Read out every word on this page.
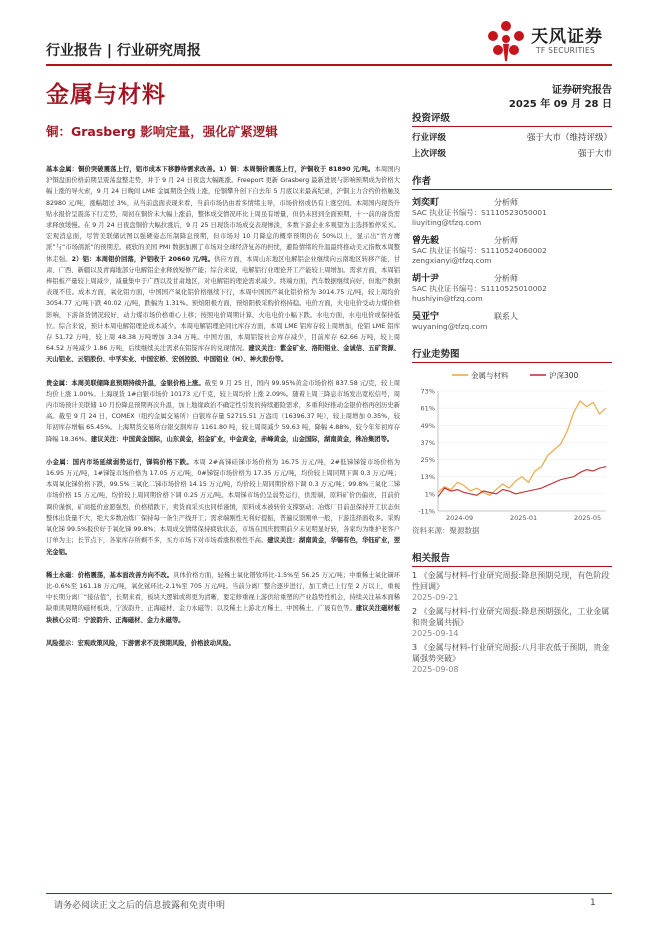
天风证券
TF SECURITIES
行业报告 | 行业研究周报
金属与材料	证券研究报告
2025 年 09 月 28 日
铜：Grasberg 影响定量，强化矿紧逻辑

基本金属：铜价突破震荡上行，铝市成本下移静待需求改善。1）铜：本周铜价震荡上行，沪铜收于 81890 元/吨。本周国内沪铜盘面价格前期呈震荡盘整走势，并于 9 月 24 日夜盘大幅跳涨。Freeport 更新 Grasberg 最新进展与影响预期成为价格大幅上涨的导火索，9 月 24 日晚间 LME 金属期货全线上涨，伦铜攀升创下自去年 5 月底以来最高纪录，沪铜主力合约价格触及 82980 元/吨，涨幅超过 3%，从当前盘面表现来看，当前市场仍由看多情绪主导，市场价格或仍有上涨空间。本周国内现货升贴水报价呈震荡下行走势，周初在铜价未大幅上涨前，整体成交情况环比上周虽有增量，但仍未回到全面预期，十一前的备货需求释放缓慢。在 9 月 24 日夜盘铜价大幅拉涨后，9 月 25 日现货市场成交表现惨淡，多数下游企业多观望为主选择暂停采买。宏观消息面，尽管美联储试图以强硬姿态压制降息预期，但市场对 10 月降息的概率预期仍在 50%以上，显示出“官方鹰派”与“市场鸽派”的预期差。疲软的美国 PMI 数据加剧了市场对全球经济复苏的担忧，避险情绪的升温最终推动美元指数本周整体走强。2）铝：本周铝价回落，沪铝收于 20660 元/吨。供应方面，本周山东地区电解铝企业继续向云南地区转移产能，甘肃、广西、新疆以及青海地部分电解铝企业释放短修产能；综合来说，电解铝行业理论开工产能较上周增加。需求方面，本周铝棒铝板产量较上周减少，减量集中于广西以及甘肃地区，对电解铝的理论需求减少。终端方面，汽车数据继续向好，但地产数据表现不佳。成本方面，氧化铝方面，中国国产氧化铝价格继续下行，本周中国国产氧化铝价格为 3014.75 元/吨，较上周均价 3054.77 元/吨下跌 40.02 元/吨，跌幅为 1.31%。预焙阳极方面，预焙阳极采购价格持稳。电价方面，火电电价受动力煤价格影响，下游备货情况较好，动力煤市场价格重心上移；按照电价周期计算，火电电价小幅下跌。水电方面，水电电价或保持低位。综合来说，预计本周电解铝理论成本减少。本周电解铝理论同比库存方面，本周 LME 铝库存较上周增加，伦铝 LME 铝库存 51.72 万吨，较上周 48.38 万吨增加 3.34 万吨。中国方面，本周铝锭社会库存减少，目前库存 62.66 万吨，较上周 64.52 万吨减少 1.86 万吨，后续继续关注需求在铝锭库存的兑现情况。建议关注：紫金矿业、洛阳钼业、金诚信、五矿资源、天山铝业、云铝股份、中孚实业、中国宏桥、宏创控股、中国铝业（H）、神火股份等。

贵金属：本周美联储降息预期持续升温，金银价格上涨。截至 9 月 25 日，国内 99.95%黄金市场价格 837.58 元/克，较上周均价上涨 1.00%。上海现货 1#白银市场价 10173 元/千克，较上周均价上涨 2.09%。随着上周三降息市场发出宽松信号，周内市场预计美联储 10 月份降息预期再次升温，加上地缘政治不确定性引发的持续避险需求，多重利好推动金银价格再创历史新高。截至 9 月 24 日，COMEX（纽约金属交易所）白银库存量 52715.51 万盎司（16396.37 吨），较上周增加 0.35%，较年初库存增幅 65.45%。上海期货交易所白银交割库存 1161.80 吨，较上周周减少 59.63 吨，降幅 4.88%，较今年年初库存降幅 18.36%。建议关注：中国黄金国际，山东黄金，招金矿业，中金黄金，赤峰黄金，山金国际，湖南黄金，株冶集团等。

小金属：国内市场延续弱势运行，锑钨价格下跌。本周 2#高锑硅锑市场价格为 16.75 万元/吨，2#低锑锑锭市场价格为 16.95 万元/吨，1#锑锭市场价格为 17.05 万元/吨，0#锑锭市场价格为 17.35 万元/吨，均价较上周同期下调 0.3 万元/吨；本周氧化锑价格下跌，99.5%三氧化二锑市场价格 14.15 万元/吨，均价较上周同期价格下调 0.3 万元/吨；99.8%三氧化二锑市场价格 15 万元/吨，均价较上周同期价格下调 0.25 万元/吨。本周锑市场仍呈弱势运行，供需端，原料矿价仍偏贵，目前价调价谨慎，矿商挺价意愿强烈，价格稍跌下，卖货商采买也同样谨慎，原料成本被转价支撑驱动；冶炼厂目前虽保持开工状态但整体出货量不大，绝大多数冶炼厂保持每一条生产线开工；需求端刚性无利好提振，普遍反馈刚单一般，下游选择面收多。采购氧化锑 99.5%报价好于氧化锑 99.8%；本周成交情绪保持疲软状态，市场在国庆假期前夕未见明显好转，各家均为维护老客户订单为主；长节点下，各家库存所剩不多，买方市场下对市场看涨积极性不高。建议关注：湖南黄金，华锡有色，华钰矿业，翌光金铝。

稀土永磁：价格震荡，基本面改善方向不改。具体价格方面，轻稀土氧化镨钕环比-1.5%至 56.25 万元/吨；中重稀土氧化镝环比-0.6%至 161.18 万元/吨，氧化铽环比-2.1%至 705 万元/吨。当前分离厂整合逐步进行，加工费已上行至 2 万以上，重视中长期分离厂“接估值”，长期来看，板块大逻辑或将更为清晰，要定修重视上游供给重塑的产业趋势性机会，持续关注基本面稀缺重读周期的磁材板块，宁波韵升、正海磁材、金力永磁等；以及稀土上游北方稀土、中国稀土、广晟有色等。建议关注磁材板块核心公司：宁波韵升、正海磁材、金力永磁等。

风险提示：宏观政策风险，下游需求不及预期风险，价格波动风险。

投资评级
行业评级	强于大市（维持评级）
上次评级	强于大市
作者
刘奕町	分析师
SAC 执业证书编号：S1110523050001
liuyiting@tfzq.com
曾先毅	分析师
SAC 执业证书编号：S1110524060002
zengxianyi@tfzq.com
胡十尹	分析师
SAC 执业证书编号：S1110525010002
hushiyin@tfzq.com
吴亚宁	联系人
wuyaning@tfzq.com
行业走势图
金属与材料	沪深300
73%
61%
49%
37%
25%
13%
1%
-11%
2024-09	2025-01	2025-05
资料来源：聚源数据
相关报告
1 《金属与材料-行业研究周报:降息预期兑现，有色阶段性回调》
2025-09-21
2 《金属与材料-行业研究周报:降息预期强化，工业金属和贵金属共振》
2025-09-14
3 《金属与材料-行业研究周报:八月非农低于预期，贵金属强势突破》
2025-09-08
请务必阅读正文之后的信息披露和免责申明	1
